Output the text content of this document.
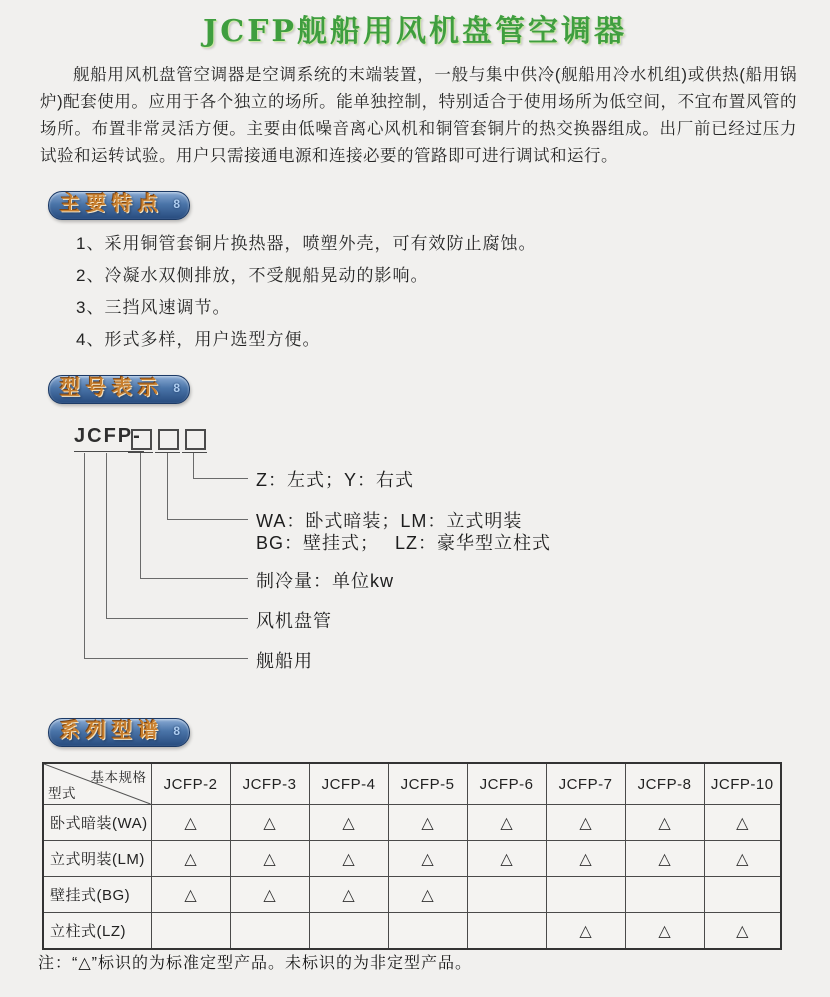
JCFP舰船用风机盘管空调器
舰船用风机盘管空调器是空调系统的末端装置，一般与集中供冷(舰船用冷水机组)或供热(船用锅炉)配套使用。应用于各个独立的场所。能单独控制，特别适合于使用场所为低空间，不宜布置风管的场所。布置非常灵活方便。主要由低噪音离心风机和铜管套铜片的热交换器组成。出厂前已经过压力试验和运转试验。用户只需接通电源和连接必要的管路即可进行调试和运行。
主要特点 8
1、采用铜管套铜片换热器，喷塑外壳，可有效防止腐蚀。
2、冷凝水双侧排放，不受舰船晃动的影响。
3、三挡风速调节。
4、形式多样，用户选型方便。
型号表示 8
JCFP-
Z：左式；Y：右式
WA：卧式暗装；LM：立式明装
BG：壁挂式；　 LZ：豪华型立柱式
制冷量：单位kw
风机盘管
舰船用
系列型谱 8
基本规格
型式	JCFP-2	JCFP-3	JCFP-4	JCFP-5	JCFP-6	JCFP-7	JCFP-8	JCFP-10
卧式暗装(WA)	△	△	△	△	△	△	△	△
立式明装(LM)	△	△	△	△	△	△	△	△
壁挂式(BG)	△	△	△	△				
立柱式(LZ)						△	△	△
注：“△”标识的为标准定型产品。未标识的为非定型产品。
